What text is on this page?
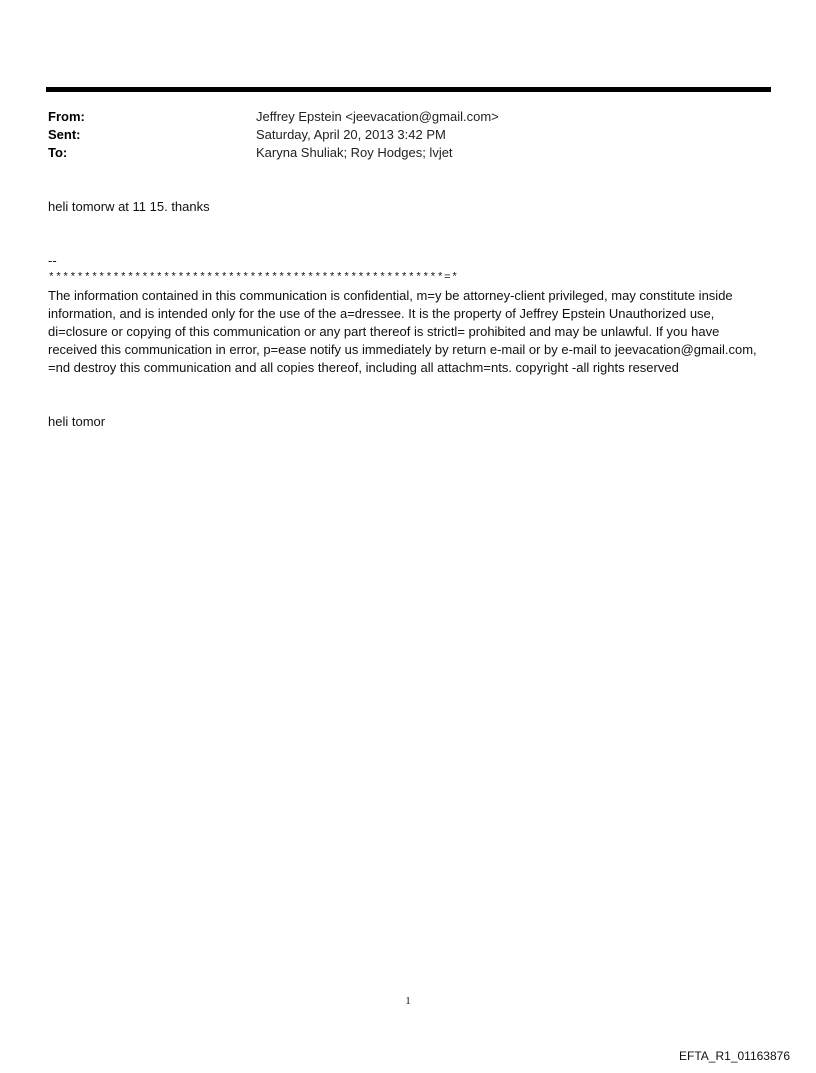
From:	Jeffrey Epstein <jeevacation@gmail.com>
Sent:	Saturday, April 20, 2013 3:42 PM
To:	Karyna Shuliak; Roy Hodges; lvjet
heli tomorw at 11 15. thanks
--
*******************************************************=*
The information contained in this communication is confidential, m=y be attorney-client privileged, may constitute inside information, and is intended only for the use of the a=dressee. It is the property of Jeffrey Epstein Unauthorized use, di=closure or copying of this communication or any part thereof is strictl= prohibited and may be unlawful. If you have received this communication in error, p=ease notify us immediately by return e-mail or by e-mail to jeevacation@gmail.com, =nd destroy this communication and all copies thereof, including all attachm=nts. copyright -all rights reserved
heli tomor
1
EFTA_R1_01163876
